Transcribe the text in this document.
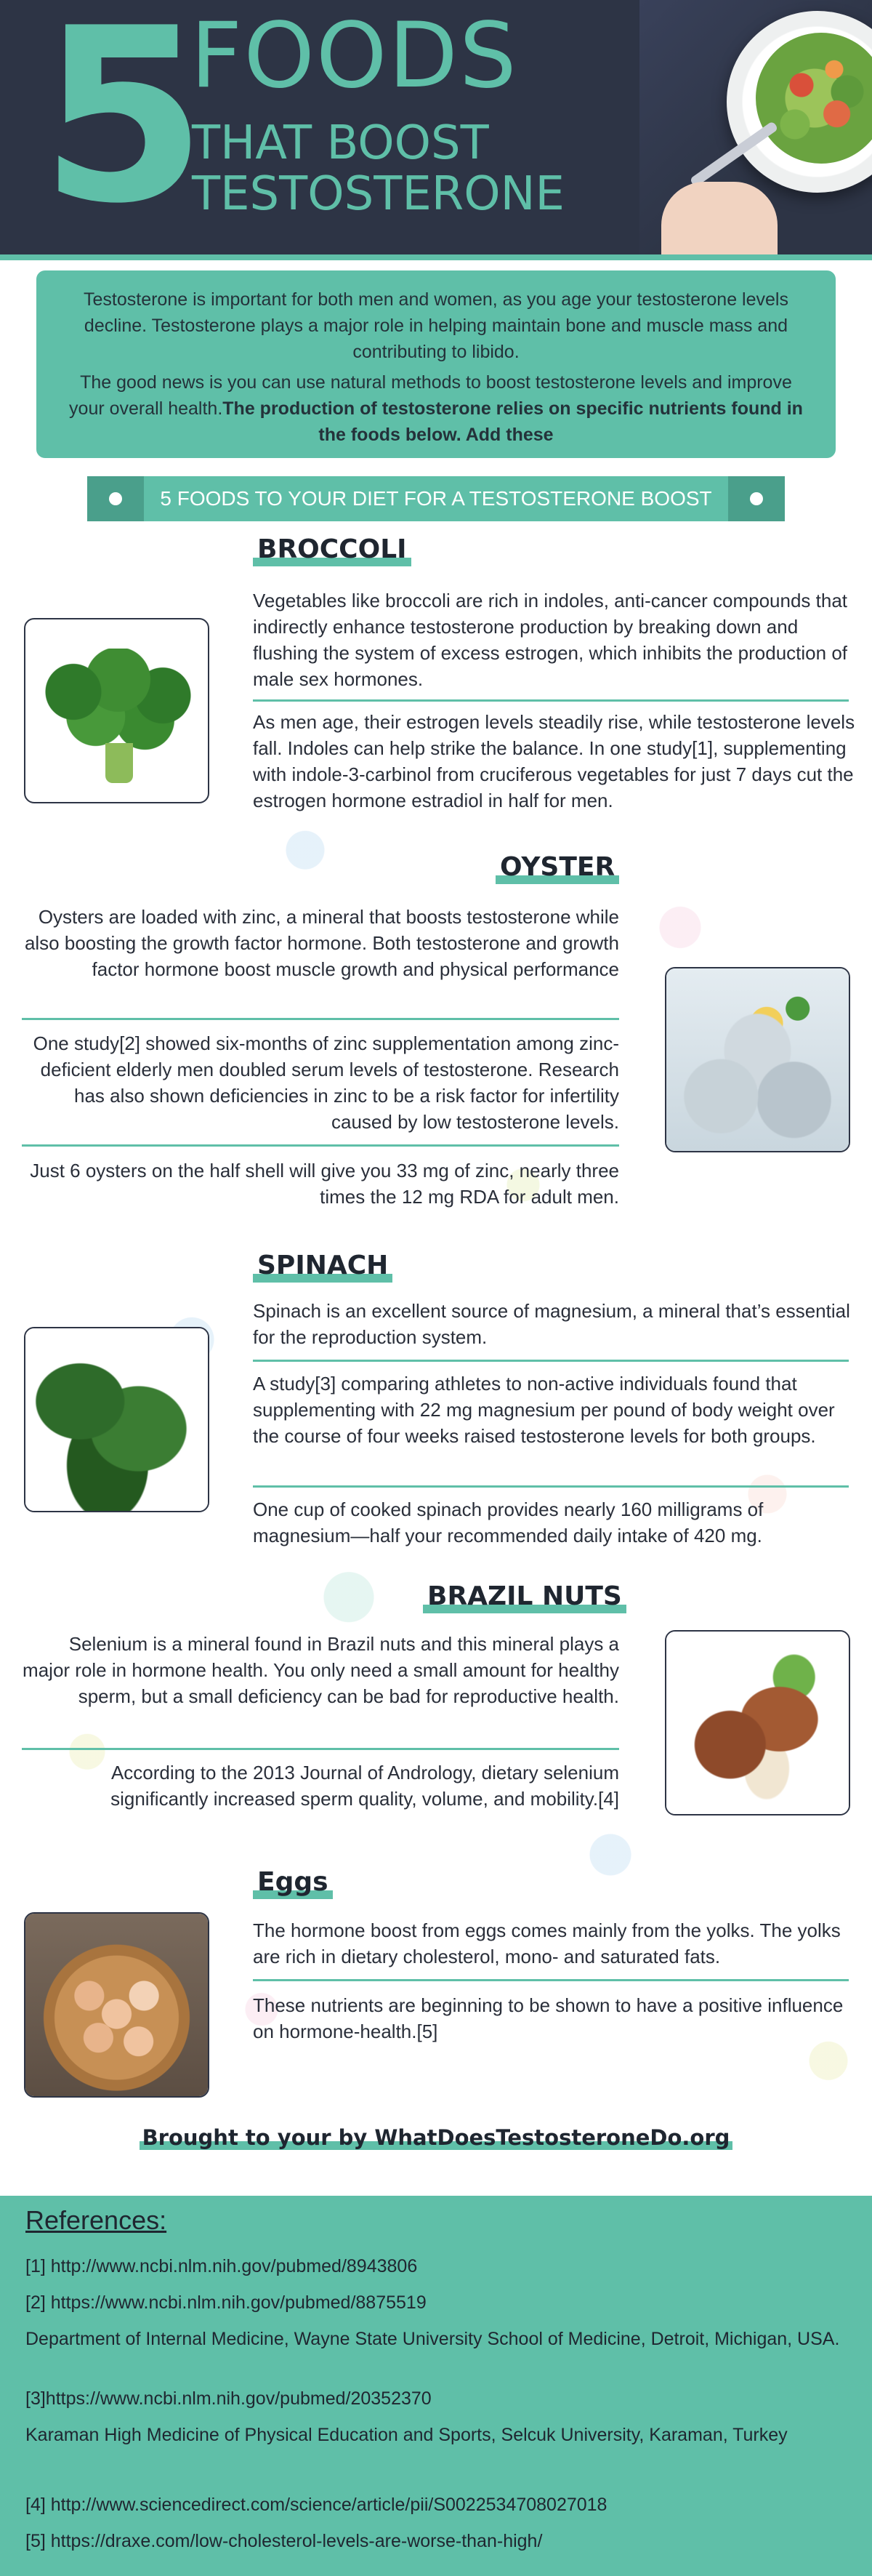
5
FOODS
THAT BOOST
TESTOSTERONE

Testosterone is important for both men and women, as you age your testosterone levels decline. Testosterone plays a major role in helping maintain bone and muscle mass and contributing to libido.

The good news is you can use natural methods to boost testosterone levels and improve your overall health.The production of testosterone relies on specific nutrients found in the foods below. Add these

5 FOODS TO YOUR DIET FOR A TESTOSTERONE BOOST
BROCCOLI
Vegetables like broccoli are rich in indoles, anti-cancer compounds that indirectly enhance testosterone production by breaking down and flushing the system of excess estrogen, which inhibits the production of male sex hormones.
As men age, their estrogen levels steadily rise, while testosterone levels fall. Indoles can help strike the balance. In one study[1], supplementing with indole-3-carbinol from cruciferous vegetables for just 7 days cut the estrogen hormone estradiol in half for men.
OYSTER
Oysters are loaded with zinc, a mineral that boosts testosterone while also boosting the growth factor hormone. Both testosterone and growth factor hormone boost muscle growth and physical performance
One study[2] showed six-months of zinc supplementation among zinc-deficient elderly men doubled serum levels of testosterone. Research has also shown deficiencies in zinc to be a risk factor for infertility caused by low testosterone levels.
Just 6 oysters on the half shell will give you 33 mg of zinc, nearly three times the 12 mg RDA for adult men.
SPINACH
Spinach is an excellent source of magnesium, a mineral that’s essential for the reproduction system.
A study[3] comparing athletes to non-active individuals found that supplementing with 22 mg magnesium per pound of body weight over the course of four weeks raised testosterone levels for both groups.
One cup of cooked spinach provides nearly 160 milligrams of magnesium—half your recommended daily intake of 420 mg.
BRAZIL NUTS
Selenium is a mineral found in Brazil nuts and this mineral plays a major role in hormone health. You only need a small amount for healthy sperm, but a small deficiency can be bad for reproductive health.
According to the 2013 Journal of Andrology, dietary selenium significantly increased sperm quality, volume, and mobility.[4]
Eggs
The hormone boost from eggs comes mainly from the yolks. The yolks are rich in dietary cholesterol, mono- and saturated fats.
These nutrients are beginning to be shown to have a positive influence on hormone-health.[5]
Brought to your by WhatDoesTestosteroneDo.org
References:
[1] http://www.ncbi.nlm.nih.gov/pubmed/8943806
[2] https://www.ncbi.nlm.nih.gov/pubmed/8875519
Department of Internal Medicine, Wayne State University School of Medicine, Detroit, Michigan, USA.
[3]https://www.ncbi.nlm.nih.gov/pubmed/20352370
Karaman High Medicine of Physical Education and Sports, Selcuk University, Karaman, Turkey
[4] http://www.sciencedirect.com/science/article/pii/S0022534708027018
[5] https://draxe.com/low-cholesterol-levels-are-worse-than-high/
